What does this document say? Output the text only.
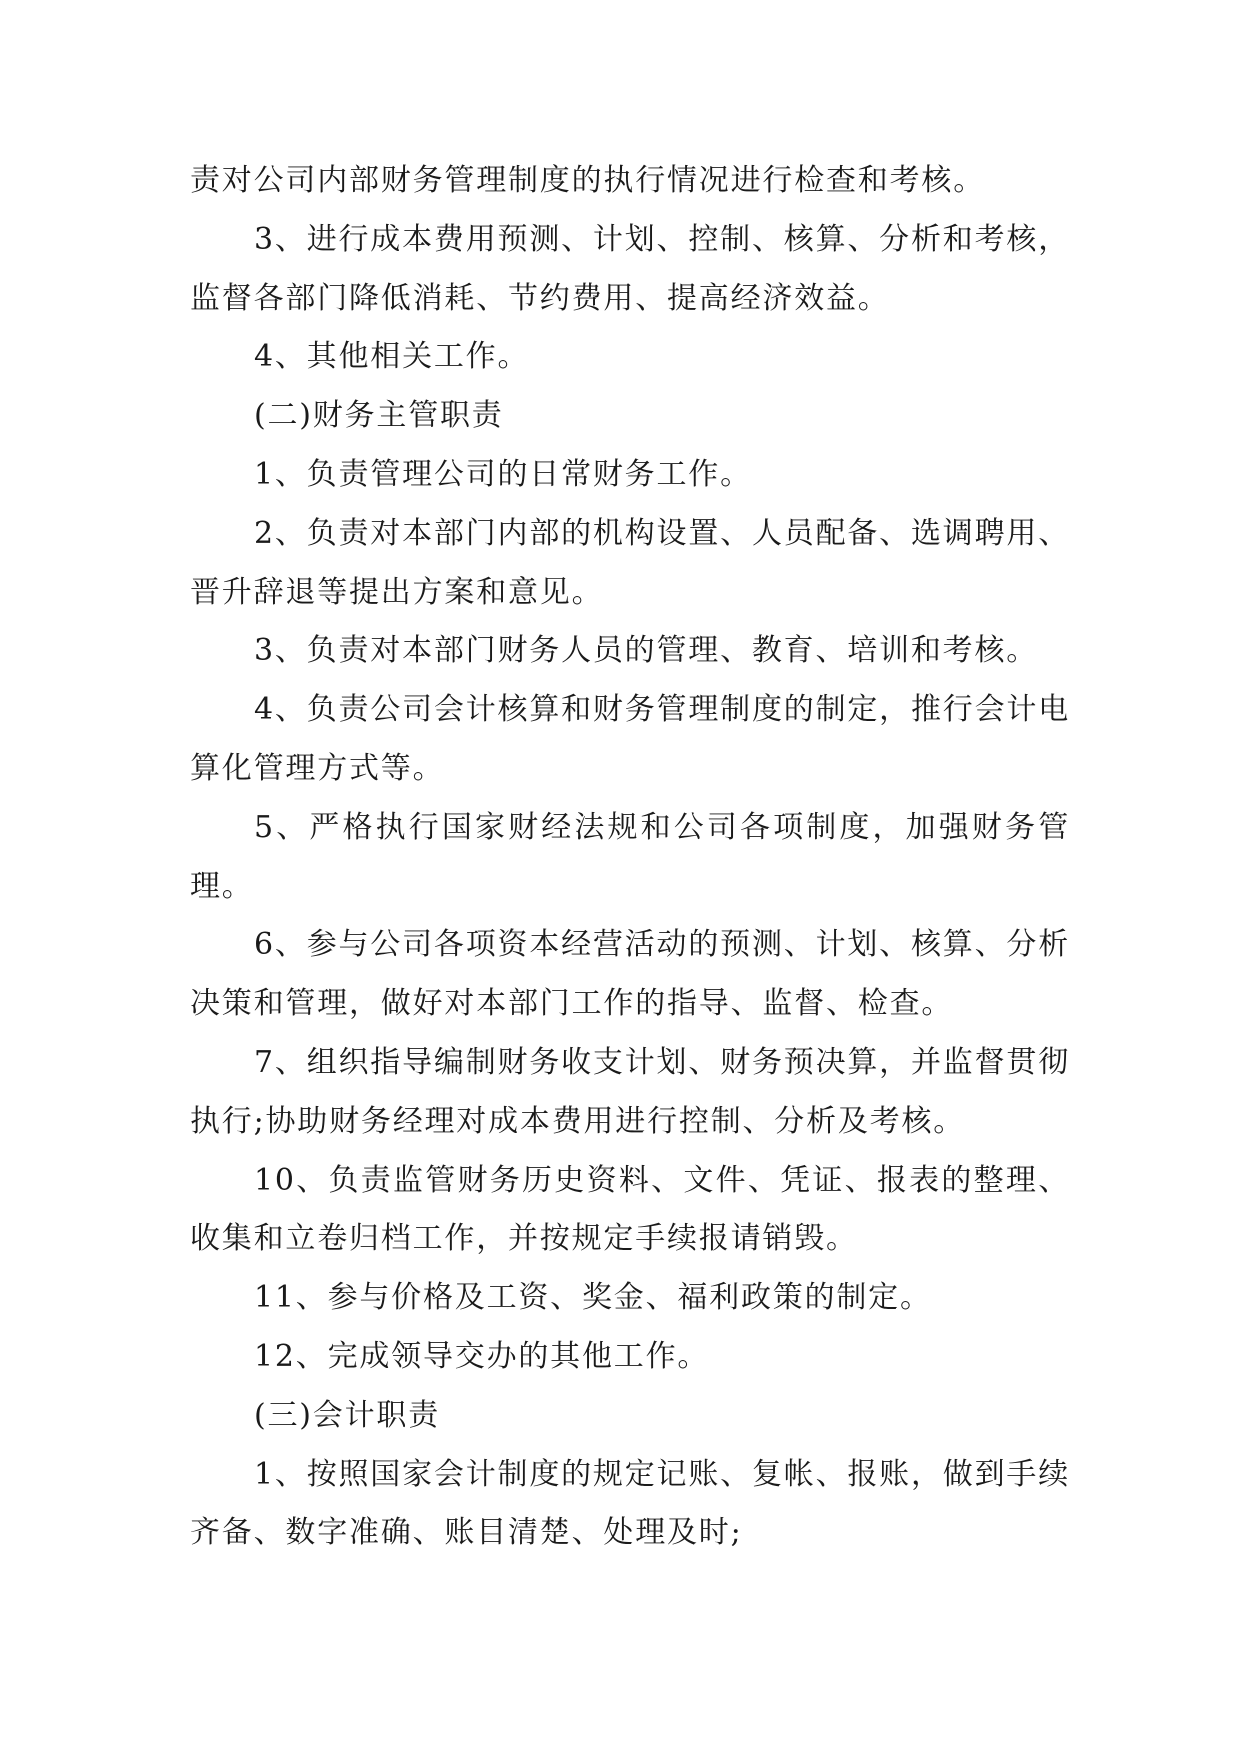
责对公司内部财务管理制度的执行情况进行检查和考核。

3、进行成本费用预测、计划、控制、核算、分析和考核，监督各部门降低消耗、节约费用、提高经济效益。

4、其他相关工作。

(二)财务主管职责

1、负责管理公司的日常财务工作。

2、负责对本部门内部的机构设置、人员配备、选调聘用、晋升辞退等提出方案和意见。

3、负责对本部门财务人员的管理、教育、培训和考核。

4、负责公司会计核算和财务管理制度的制定，推行会计电算化管理方式等。

5、严格执行国家财经法规和公司各项制度，加强财务管理。

6、参与公司各项资本经营活动的预测、计划、核算、分析决策和管理，做好对本部门工作的指导、监督、检查。

7、组织指导编制财务收支计划、财务预决算，并监督贯彻执行;协助财务经理对成本费用进行控制、分析及考核。

10、负责监管财务历史资料、文件、凭证、报表的整理、收集和立卷归档工作，并按规定手续报请销毁。

11、参与价格及工资、奖金、福利政策的制定。

12、完成领导交办的其他工作。

(三)会计职责

1、按照国家会计制度的规定记账、复帐、报账，做到手续齐备、数字准确、账目清楚、处理及时;
